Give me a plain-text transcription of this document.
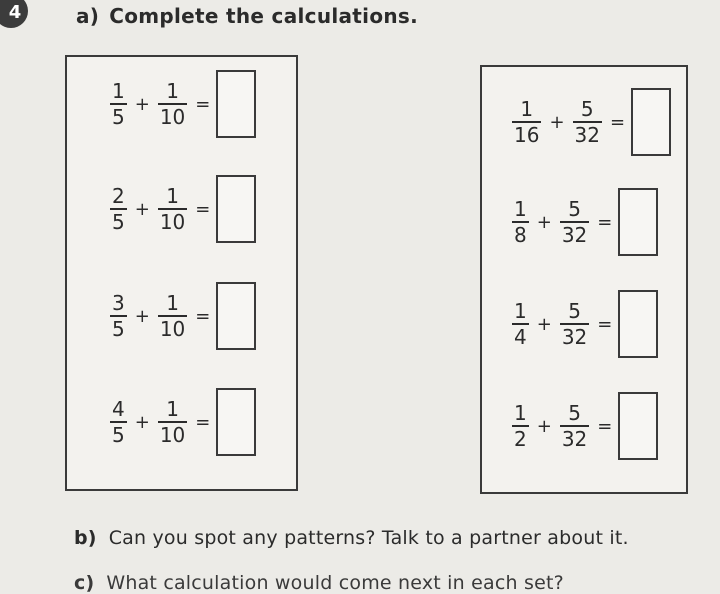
4	a) Complete the calculations.
b) Can you spot any patterns? Talk to a partner about it.
c) What calculation would come next in each set?
$\frac{1}{5} + \frac{1}{10}$ =
$\frac{2}{5} + \frac{1}{10}$ =
$\frac{3}{5} + \frac{1}{10}$ =
$\frac{4}{5} + \frac{1}{10}$ =
$\frac{1}{16} + \frac{5}{32}$ =
$\frac{1}{8} + \frac{5}{32}$ =
$\frac{1}{4} + \frac{5}{32}$ =
$\frac{1}{2} + \frac{5}{32}$ =
